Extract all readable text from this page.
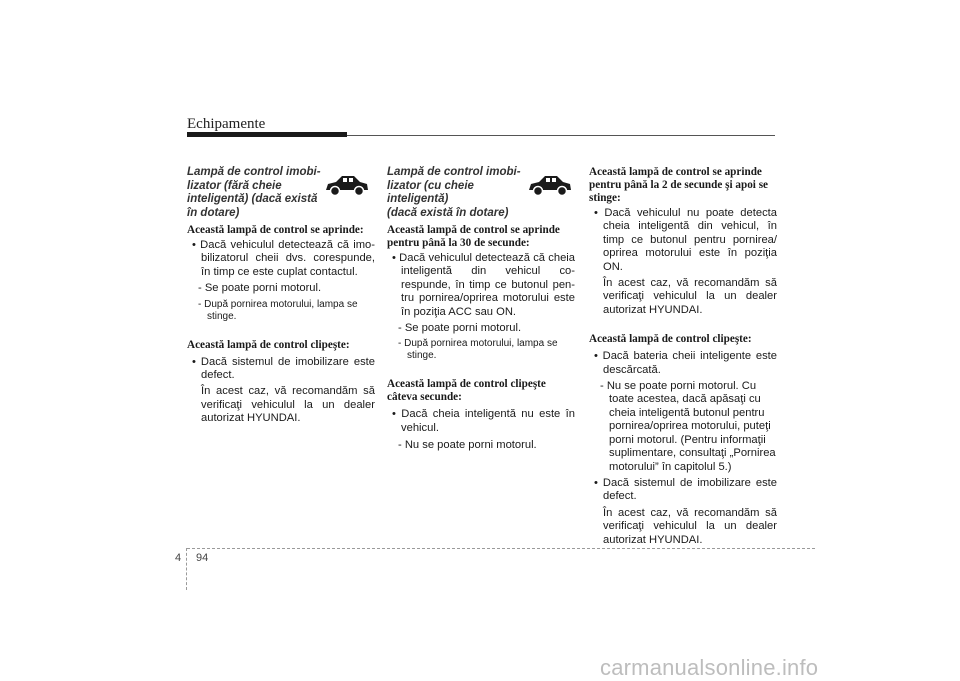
Echipamente
Lampă de control imobi-
lizator (fără cheie
inteligentă) (dacă există
în dotare)

Această lampă de control se aprinde:

• Dacă vehiculul detectează că imo-bilizatorul cheii dvs. corespunde, în timp ce este cuplat contactul.

- Se poate porni motorul.

- După pornirea motorului, lampa se stinge.

Această lampă de control clipeşte:

• Dacă sistemul de imobilizare este defect.

În acest caz, vă recomandăm să verificaţi vehiculul la un dealer autorizat HYUNDAI.

Lampă de control imobi-
lizator (cu cheie
inteligentă)
(dacă există în dotare)

Această lampă de control se aprinde pentru până la 30 de secunde:

• Dacă vehiculul detectează că cheia inteligentă din vehicul co-respunde, în timp ce butonul pen-tru pornirea/oprirea motorului este în poziţia ACC sau ON.

- Se poate porni motorul.

- După pornirea motorului, lampa se stinge.

Această lampă de control clipeşte câteva secunde:

• Dacă cheia inteligentă nu este în vehicul.

- Nu se poate porni motorul.

Această lampă de control se aprinde pentru până la 2 de secunde şi apoi se stinge:

• Dacă vehiculul nu poate detecta cheia inteligentă din vehicul, în timp ce butonul pentru pornirea/ oprirea motorului este în poziţia ON.

În acest caz, vă recomandăm să verificaţi vehiculul la un dealer autorizat HYUNDAI.

Această lampă de control clipeşte:

• Dacă bateria cheii inteligente este descărcată.

- Nu se poate porni motorul. Cu toate acestea, dacă apăsaţi cu cheia inteligentă butonul pentru pornirea/oprirea motorului, puteţi porni motorul. (Pentru informaţii suplimentare, consultaţi „Pornirea motorului” în capitolul 5.)

• Dacă sistemul de imobilizare este defect.

În acest caz, vă recomandăm să verificaţi vehiculul la un dealer autorizat HYUNDAI.

4 94
carmanualsonline.info
